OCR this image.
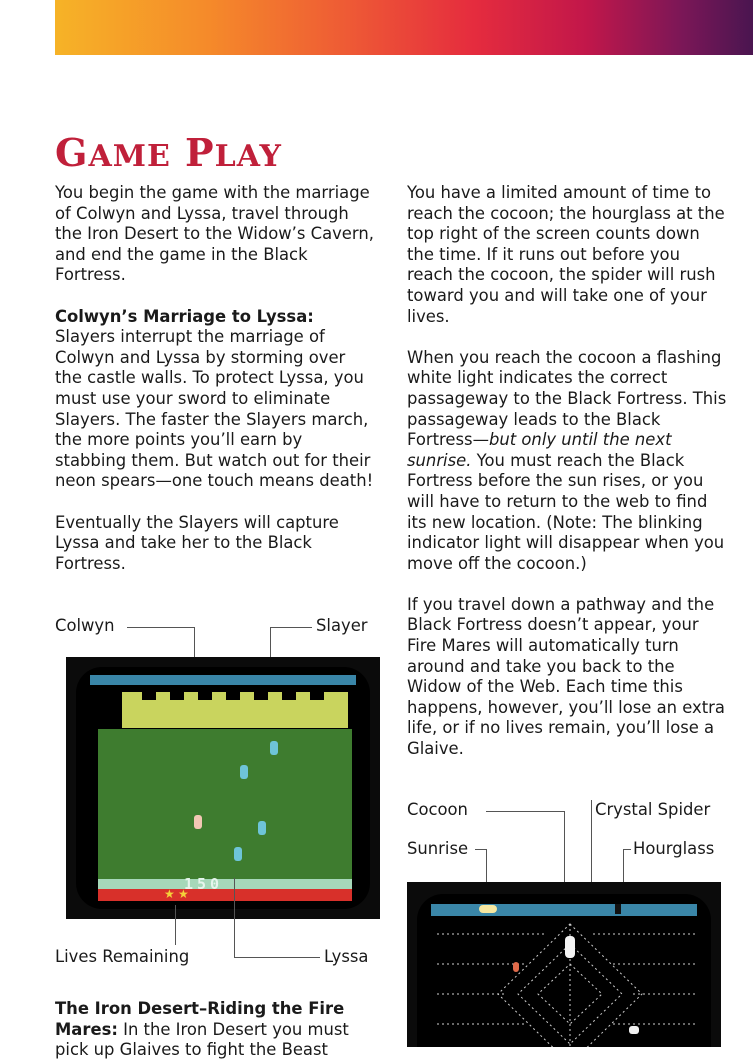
GAME PLAY

You begin the game with the marriage of Colwyn and Lyssa, travel through the Iron Desert to the Widow’s Cavern, and end the game in the Black Fortress.

Colwyn’s Marriage to Lyssa:
Slayers interrupt the marriage of Colwyn and Lyssa by storming over the castle walls. To protect Lyssa, you must use your sword to eliminate Slayers. The faster the Slayers march, the more points you’ll earn by stabbing them. But watch out for their neon spears—one touch means death!

Eventually the Slayers will capture Lyssa and take her to the Black Fortress.

The Iron Desert–Riding the Fire Mares: In the Iron Desert you must pick up Glaives to fight the Beast

You have a limited amount of time to reach the cocoon; the hourglass at the top right of the screen counts down the time. If it runs out before you reach the cocoon, the spider will rush toward you and will take one of your lives.

When you reach the cocoon a flashing white light indicates the correct passageway to the Black Fortress. This passageway leads to the Black Fortress—but only until the next sunrise. You must reach the Black Fortress before the sun rises, or you will have to return to the web to find its new location. (Note: The blinking indicator light will disappear when you move off the cocoon.)

If you travel down a pathway and the Black Fortress doesn’t appear, your Fire Mares will automatically turn around and take you back to the Widow of the Web. Each time this happens, however, you’ll lose an extra life, or if no lives remain, you’ll lose a Glaive.

Colwyn	Slayer
150
★ ★
Lives Remaining	Lyssa
Cocoon	Crystal Spider
Sunrise	Hourglass
